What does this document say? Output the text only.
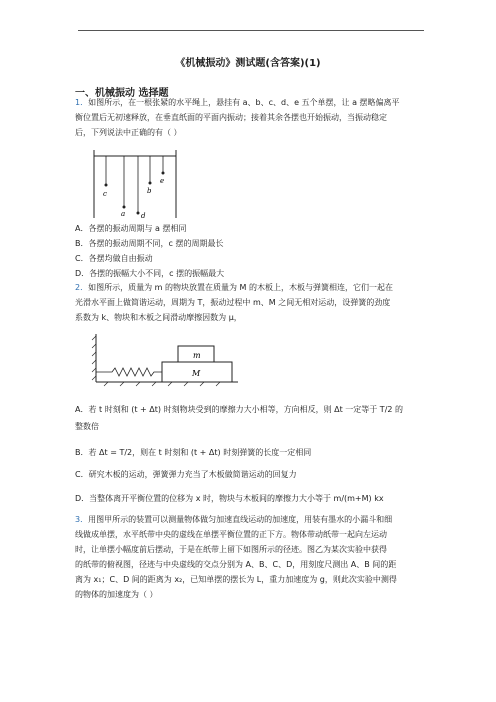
《机械振动》测试题(含答案)(1)
一、机械振动 选择题
1．如图所示，在一根张紧的水平绳上，悬挂有 a、b、c、d、e 五个单摆，让 a 摆略偏离平
衡位置后无初速释放，在垂直纸面的平面内振动；接着其余各摆也开始振动，当振动稳定
后，下列说法中正确的有（ ）
c
a d
b
e
A．各摆的振动周期与 a 摆相同
B．各摆的振动周期不同，c 摆的周期最长
C．各摆均做自由振动
D．各摆的振幅大小不同，c 摆的振幅最大
2．如图所示，质量为 m 的物块放置在质量为 M 的木板上，木板与弹簧相连，它们一起在
光滑水平面上做简谐运动，周期为 T，振动过程中 m、M 之间无相对运动，设弹簧的劲度
系数为 k、物块和木板之间滑动摩擦因数为 μ，
m
M
A．若 t 时刻和 (t + Δt) 时刻物块受到的摩擦力大小相等，方向相反，则 Δt 一定等于 T/2 的
整数倍
B．若 Δt = T/2，则在 t 时刻和 (t + Δt) 时刻弹簧的长度一定相同
C．研究木板的运动，弹簧弹力充当了木板做简谐运动的回复力
D．当整体离开平衡位置的位移为 x 时，物块与木板间的摩擦力大小等于 m/(m+M) kx
3．用图甲所示的装置可以测量物体做匀加速直线运动的加速度，用装有墨水的小漏斗和细
线做成单摆，水平纸带中央的虚线在单摆平衡位置的正下方。物体带动纸带一起向左运动
时，让单摆小幅度前后摆动，于是在纸带上留下如图所示的径迹。图乙为某次实验中获得
的纸带的俯视图，径迹与中央虚线的交点分别为 A、B、C、D，用刻度尺测出 A、B 间的距
离为 x₁；C、D 间的距离为 x₂，已知单摆的摆长为 L，重力加速度为 g，则此次实验中测得
的物体的加速度为（ ）
